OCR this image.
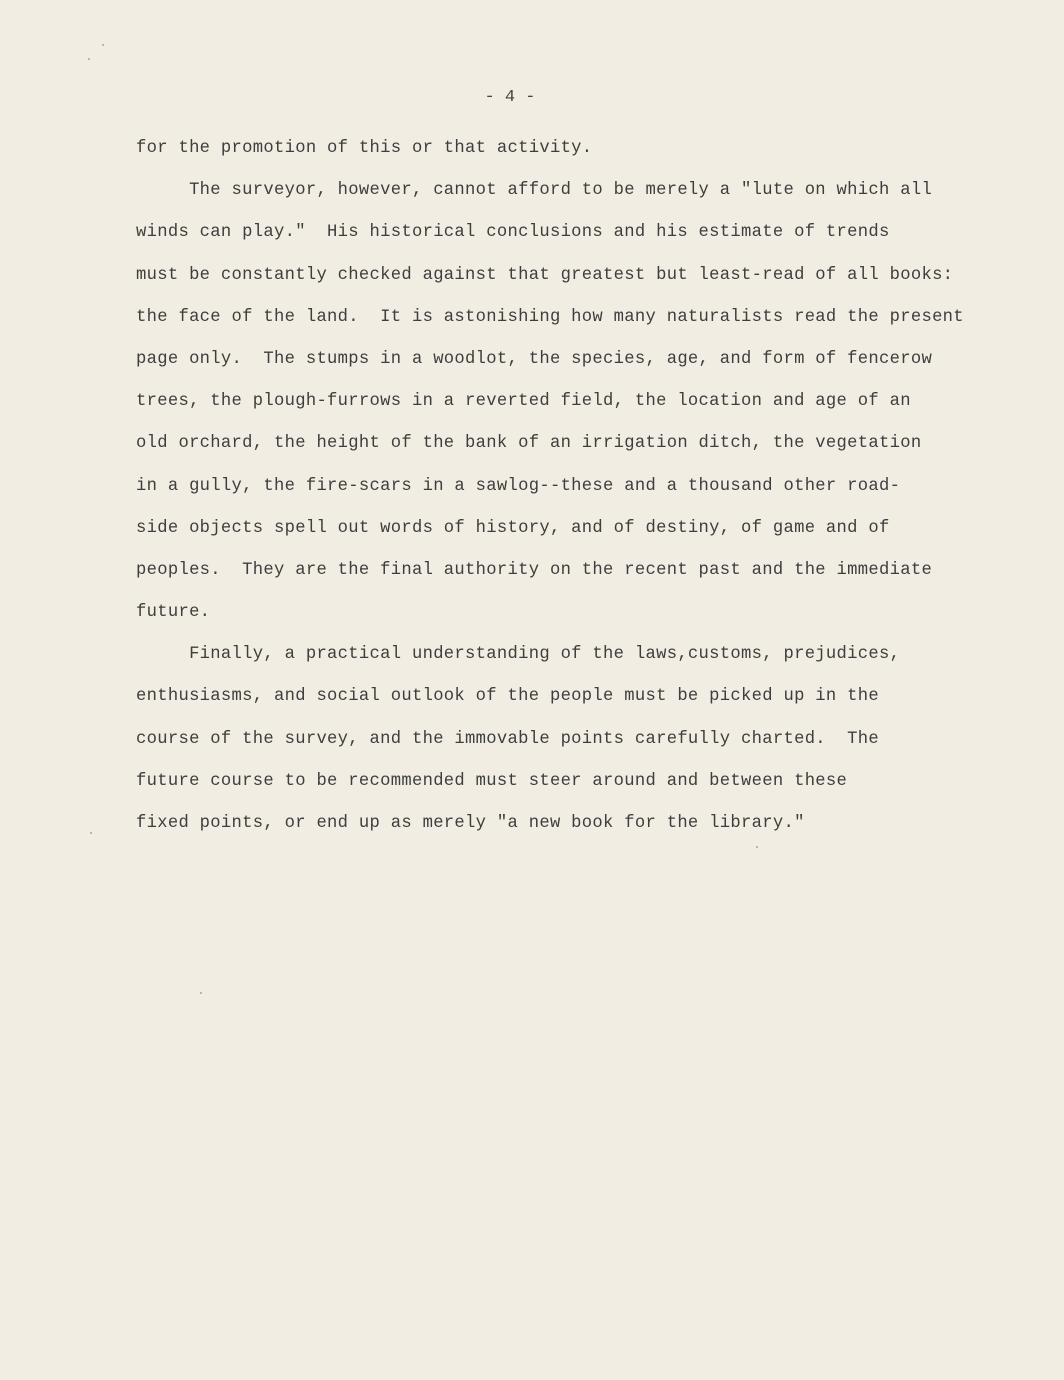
- 4 -
for the promotion of this or that activity.
The surveyor, however, cannot afford to be merely a "lute on which all
winds can play."  His historical conclusions and his estimate of trends
must be constantly checked against that greatest but least-read of all books:
the face of the land.  It is astonishing how many naturalists read the present
page only.  The stumps in a woodlot, the species, age, and form of fencerow
trees, the plough-furrows in a reverted field, the location and age of an
old orchard, the height of the bank of an irrigation ditch, the vegetation
in a gully, the fire-scars in a sawlog--these and a thousand other road-
side objects spell out words of history, and of destiny, of game and of
peoples.  They are the final authority on the recent past and the immediate
future.
Finally, a practical understanding of the laws,customs, prejudices,
enthusiasms, and social outlook of the people must be picked up in the
course of the survey, and the immovable points carefully charted.  The
future course to be recommended must steer around and between these
fixed points, or end up as merely "a new book for the library."
